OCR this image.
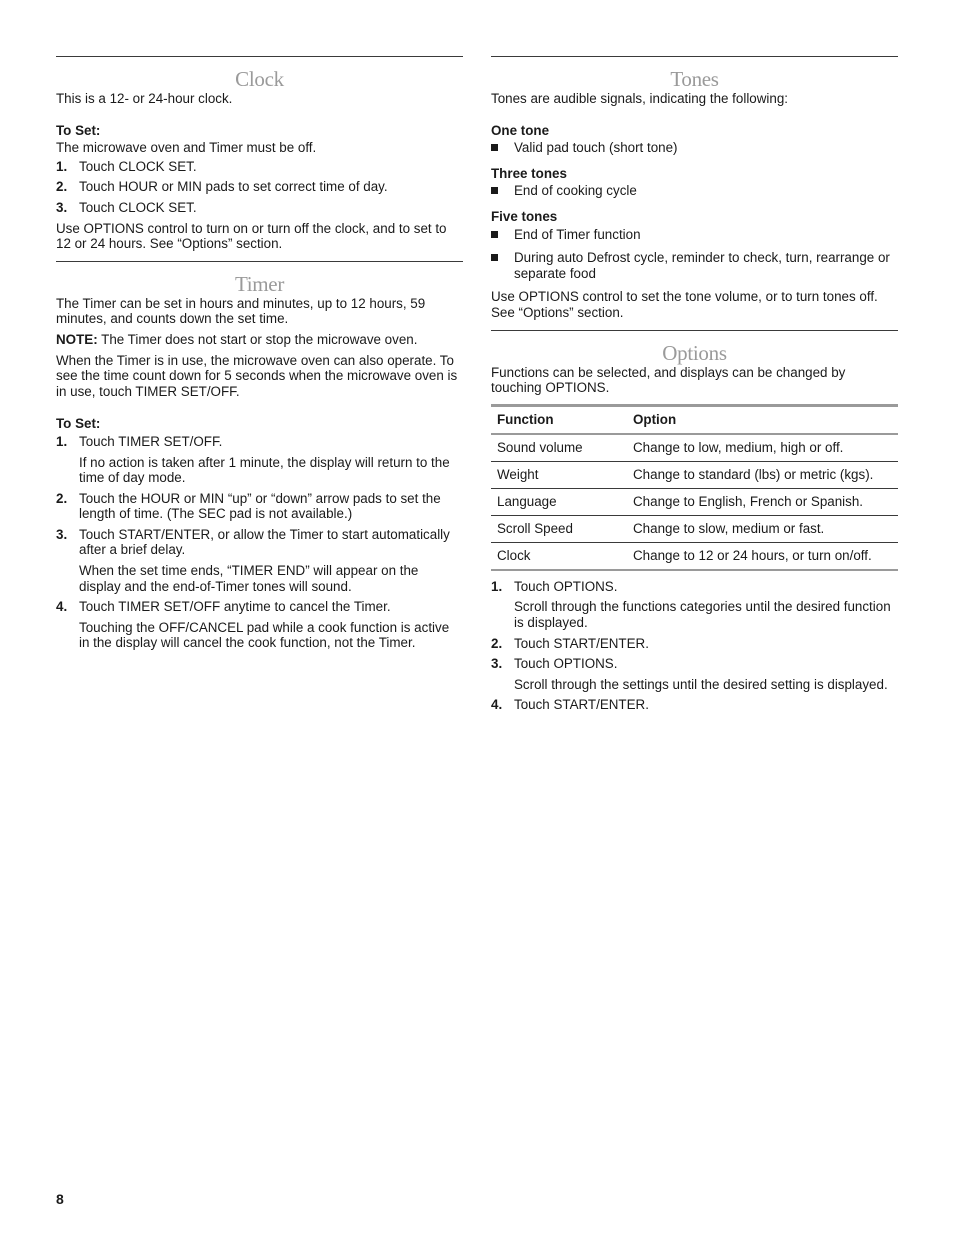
Clock

This is a 12- or 24-hour clock.

To Set:

The microwave oven and Timer must be off.

1. Touch CLOCK SET.
2. Touch HOUR or MIN pads to set correct time of day.
3. Touch CLOCK SET.

Use OPTIONS control to turn on or turn off the clock, and to set to 12 or 24 hours. See “Options” section.

Timer

The Timer can be set in hours and minutes, up to 12 hours, 59 minutes, and counts down the set time.

NOTE: The Timer does not start or stop the microwave oven.

When the Timer is in use, the microwave oven can also operate. To see the time count down for 5 seconds when the microwave oven is in use, touch TIMER SET/OFF.

To Set:

1. Touch TIMER SET/OFF.
If no action is taken after 1 minute, the display will return to the time of day mode.
2. Touch the HOUR or MIN “up” or “down” arrow pads to set the length of time. (The SEC pad is not available.)
3. Touch START/ENTER, or allow the Timer to start automatically after a brief delay.
When the set time ends, “TIMER END” will appear on the display and the end-of-Timer tones will sound.
4. Touch TIMER SET/OFF anytime to cancel the Timer.
Touching the OFF/CANCEL pad while a cook function is active in the display will cancel the cook function, not the Timer.
Tones

Tones are audible signals, indicating the following:

One tone

Valid pad touch (short tone)

Three tones

End of cooking cycle

Five tones

End of Timer function
During auto Defrost cycle, reminder to check, turn, rearrange or separate food

Use OPTIONS control to set the tone volume, or to turn tones off. See “Options” section.

Options

Functions can be selected, and displays can be changed by touching OPTIONS.

Function	Option
Sound volume	Change to low, medium, high or off.
Weight	Change to standard (lbs) or metric (kgs).
Language	Change to English, French or Spanish.
Scroll Speed	Change to slow, medium or fast.
Clock	Change to 12 or 24 hours, or turn on/off.
1. Touch OPTIONS.
Scroll through the functions categories until the desired function is displayed.
2. Touch START/ENTER.
3. Touch OPTIONS.
Scroll through the settings until the desired setting is displayed.
4. Touch START/ENTER.
8
